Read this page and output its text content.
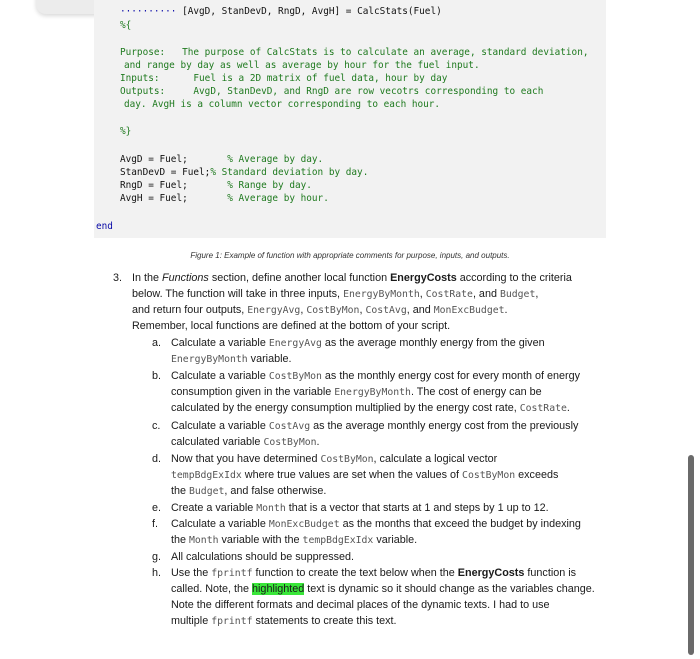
·········· [AvgD, StanDevD, RngD, AvgH] = CalcStats(Fuel)
%{
Purpose: The purpose of CalcStats is to calculate an average, standard deviation,
and range by day as well as average by hour for the fuel input.
Inputs:	Fuel is a 2D matrix of fuel data, hour by day
Outputs:	AvgD, StanDevD, and RngD are row vecotrs corresponding to each
day. AvgH is a column vector corresponding to each hour.
%}
AvgD = Fuel;	% Average by day.
StanDevD = Fuel;% Standard deviation by day.
RngD = Fuel;	% Range by day.
AvgH = Fuel;	% Average by hour.
end
Figure 1: Example of function with appropriate comments for purpose, inputs, and outputs.
3. In the Functions section, define another local function EnergyCosts according to the criteria
below. The function will take in three inputs, EnergyByMonth, CostRate, and Budget,
and return four outputs, EnergyAvg, CostByMon, CostAvg, and MonExcBudget.
Remember, local functions are defined at the bottom of your script.
a. Calculate a variable EnergyAvg as the average monthly energy from the given
EnergyByMonth variable.
b. Calculate a variable CostByMon as the monthly energy cost for every month of energy
consumption given in the variable EnergyByMonth. The cost of energy can be
calculated by the energy consumption multiplied by the energy cost rate, CostRate.
c. Calculate a variable CostAvg as the average monthly energy cost from the previously
calculated variable CostByMon.
d. Now that you have determined CostByMon, calculate a logical vector
tempBdgExIdx where true values are set when the values of CostByMon exceeds
the Budget, and false otherwise.
e. Create a variable Month that is a vector that starts at 1 and steps by 1 up to 12.
f. Calculate a variable MonExcBudget as the months that exceed the budget by indexing
the Month variable with the tempBdgExIdx variable.
g. All calculations should be suppressed.
h. Use the fprintf function to create the text below when the EnergyCosts function is
called. Note, the highlighted text is dynamic so it should change as the variables change.
Note the different formats and decimal places of the dynamic texts. I had to use
multiple fprintf statements to create this text.
